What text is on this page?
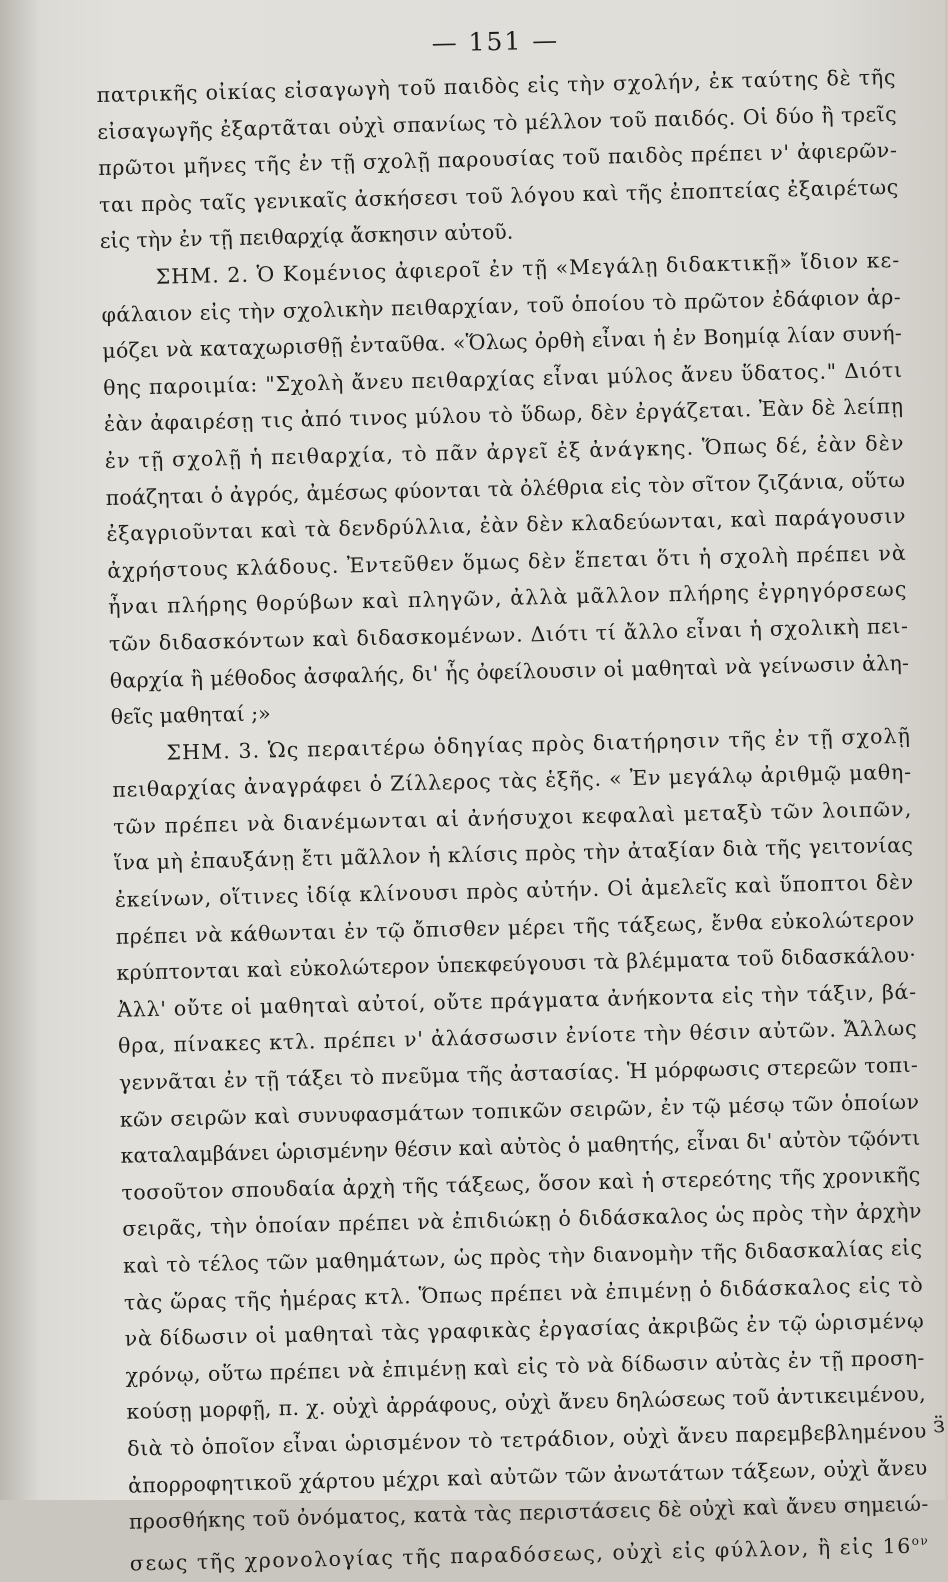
— 151 —
πατρικῆς οἰκίας εἰσαγωγὴ τοῦ παιδὸς εἰς τὴν σχολήν, ἐκ ταύτης δὲ τῆς
εἰσαγωγῆς ἐξαρτᾶται οὐχὶ σπανίως τὸ μέλλον τοῦ παιδός. Οἱ δύο ἢ τρεῖς
πρῶτοι μῆνες τῆς ἐν τῇ σχολῇ παρουσίας τοῦ παιδὸς πρέπει ν' ἀφιερῶν-
ται πρὸς ταῖς γενικαῖς ἀσκήσεσι τοῦ λόγου καὶ τῆς ἐποπτείας ἐξαιρέτως
εἰς τὴν ἐν τῇ πειθαρχίᾳ ἄσκησιν αὐτοῦ.
ΣΗΜ. 2. Ὁ Κομένιος ἀφιεροῖ ἐν τῇ «Μεγάλῃ διδακτικῇ» ἴδιον κε-
φάλαιον εἰς τὴν σχολικὴν πειθαρχίαν, τοῦ ὁποίου τὸ πρῶτον ἐδάφιον ἁρ-
μόζει νὰ καταχωρισθῇ ἐνταῦθα. «Ὅλως ὀρθὴ εἶναι ἡ ἐν Βοημίᾳ λίαν συνή-
θης παροιμία: "Σχολὴ ἄνευ πειθαρχίας εἶναι μύλος ἄνευ ὕδατος." Διότι
ἐὰν ἀφαιρέσῃ τις ἀπό τινος μύλου τὸ ὕδωρ, δὲν ἐργάζεται. Ἐὰν δὲ λείπῃ
ἐν τῇ σχολῇ ἡ πειθαρχία, τὸ πᾶν ἀργεῖ ἐξ ἀνάγκης. Ὅπως δέ, ἐὰν δὲν
ποάζηται ὁ ἀγρός, ἀμέσως φύονται τὰ ὀλέθρια εἰς τὸν σῖτον ζιζάνια, οὕτω
ἐξαγριοῦνται καὶ τὰ δενδρύλλια, ἐὰν δὲν κλαδεύωνται, καὶ παράγουσιν
ἀχρήστους κλάδους. Ἐντεῦθεν ὅμως δὲν ἕπεται ὅτι ἡ σχολὴ πρέπει νὰ
ἦναι πλήρης θορύβων καὶ πληγῶν, ἀλλὰ μᾶλλον πλήρης ἐγρηγόρσεως
τῶν διδασκόντων καὶ διδασκομένων. Διότι τί ἄλλο εἶναι ἡ σχολικὴ πει-
θαρχία ἢ μέθοδος ἀσφαλής, δι' ἧς ὀφείλουσιν οἱ μαθηταὶ νὰ γείνωσιν ἀλη-
θεῖς μαθηταί ;»
ΣΗΜ. 3. Ὡς περαιτέρω ὁδηγίας πρὸς διατήρησιν τῆς ἐν τῇ σχολῇ
πειθαρχίας ἀναγράφει ὁ Ζίλλερος τὰς ἑξῆς. « Ἐν μεγάλῳ ἀριθμῷ μαθη-
τῶν πρέπει νὰ διανέμωνται αἱ ἀνήσυχοι κεφαλαὶ μεταξὺ τῶν λοιπῶν,
ἵνα μὴ ἐπαυξάνῃ ἔτι μᾶλλον ἡ κλίσις πρὸς τὴν ἀταξίαν διὰ τῆς γειτονίας
ἐκείνων, οἵτινες ἰδίᾳ κλίνουσι πρὸς αὐτήν. Οἱ ἀμελεῖς καὶ ὕποπτοι δὲν
πρέπει νὰ κάθωνται ἐν τῷ ὄπισθεν μέρει τῆς τάξεως, ἔνθα εὐκολώτερον
κρύπτονται καὶ εὐκολώτερον ὑπεκφεύγουσι τὰ βλέμματα τοῦ διδασκάλου·
Ἀλλ' οὔτε οἱ μαθηταὶ αὐτοί, οὔτε πράγματα ἀνήκοντα εἰς τὴν τάξιν, βά-
θρα, πίνακες κτλ. πρέπει ν' ἀλάσσωσιν ἐνίοτε τὴν θέσιν αὐτῶν. Ἄλλως
γεννᾶται ἐν τῇ τάξει τὸ πνεῦμα τῆς ἀστασίας. Ἡ μόρφωσις στερεῶν τοπι-
κῶν σειρῶν καὶ συνυφασμάτων τοπικῶν σειρῶν, ἐν τῷ μέσῳ τῶν ὁποίων
καταλαμβάνει ὡρισμένην θέσιν καὶ αὐτὸς ὁ μαθητής, εἶναι δι' αὐτὸν τῷόντι
τοσοῦτον σπουδαία ἀρχὴ τῆς τάξεως, ὅσον καὶ ἡ στερεότης τῆς χρονικῆς
σειρᾶς, τὴν ὁποίαν πρέπει νὰ ἐπιδιώκῃ ὁ διδάσκαλος ὡς πρὸς τὴν ἀρχὴν
καὶ τὸ τέλος τῶν μαθημάτων, ὡς πρὸς τὴν διανομὴν τῆς διδασκαλίας εἰς
τὰς ὥρας τῆς ἡμέρας κτλ. Ὅπως πρέπει νὰ ἐπιμένῃ ὁ διδάσκαλος εἰς τὸ
νὰ δίδωσιν οἱ μαθηταὶ τὰς γραφικὰς ἐργασίας ἀκριβῶς ἐν τῷ ὡρισμένῳ
χρόνῳ, οὕτω πρέπει νὰ ἐπιμένῃ καὶ εἰς τὸ νὰ δίδωσιν αὐτὰς ἐν τῇ προση-
κούσῃ μορφῇ, π. χ. οὐχὶ ἀρράφους, οὐχὶ ἄνευ δηλώσεως τοῦ ἀντικειμένου,
διὰ τὸ ὁποῖον εἶναι ὡρισμένον τὸ τετράδιον, οὐχὶ ἄνευ παρεμβεβλημένου
ἀπορροφητικοῦ χάρτου μέχρι καὶ αὐτῶν τῶν ἀνωτάτων τάξεων, οὐχὶ ἄνευ
προσθήκης τοῦ ὀνόματος, κατὰ τὰς περιστάσεις δὲ οὐχὶ καὶ ἄνευ σημειώ-
σεως τῆς χρονολογίας τῆς παραδόσεως, οὐχὶ εἰς φύλλον, ἢ εἰς $16^{o\nu}$
ӟ
